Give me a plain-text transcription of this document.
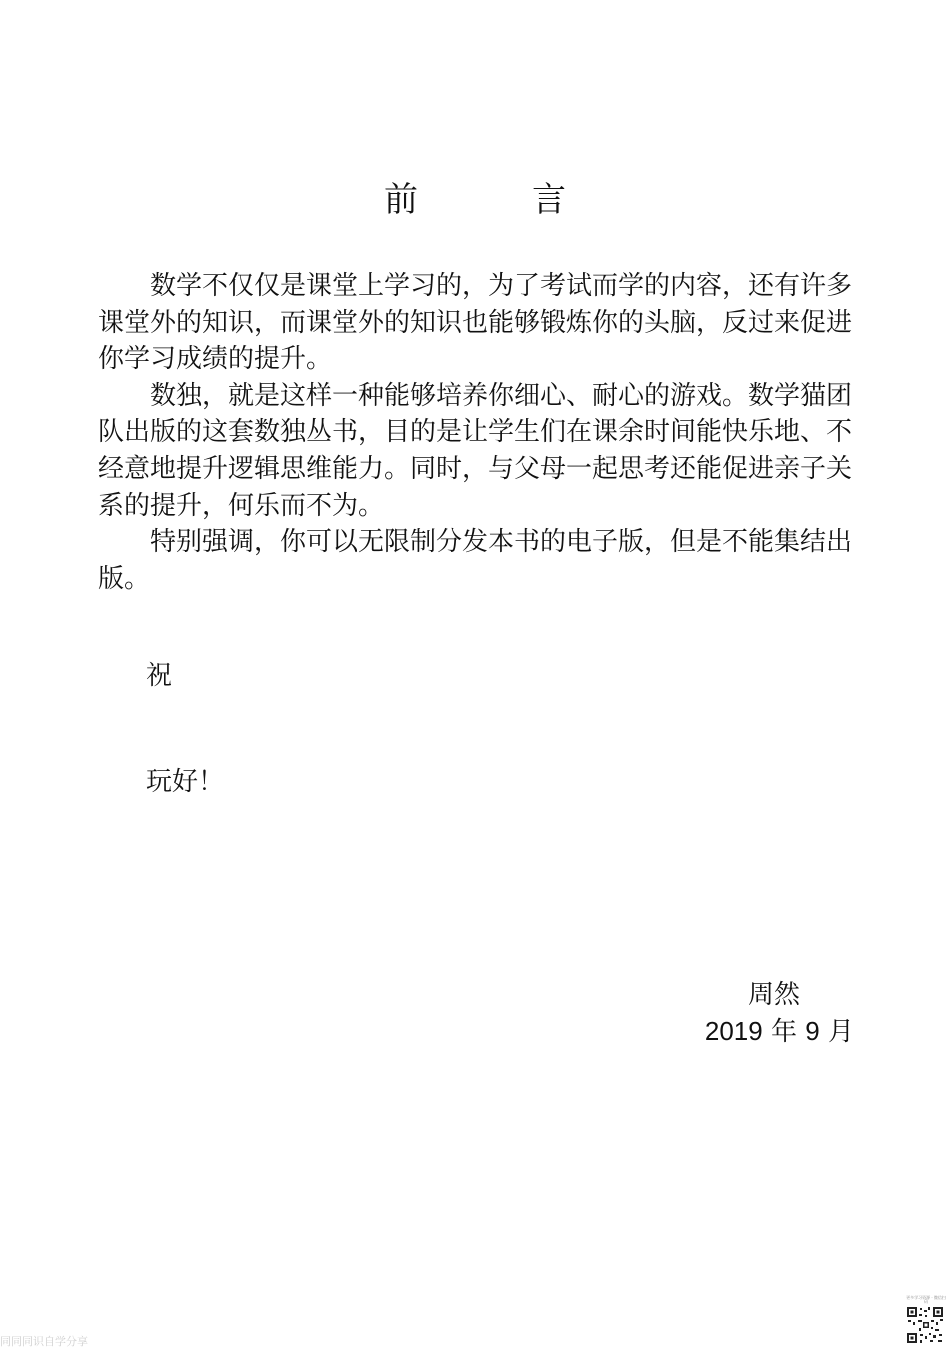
前　言

数学不仅仅是课堂上学习的，为了考试而学的内容，还有许多课堂外的知识，而课堂外的知识也能够锻炼你的头脑，反过来促进你学习成绩的提升。

数独，就是这样一种能够培养你细心、耐心的游戏。数学猫团队出版的这套数独丛书，目的是让学生们在课余时间能快乐地、不经意地提升逻辑思维能力。同时，与父母一起思考还能促进亲子关系的提升，何乐而不为。

特别强调，你可以无限制分发本书的电子版，但是不能集结出版。

祝
玩好！
周然
2019 年 9 月
同同同识自学分享
更多学习资源 · 微信扫码
